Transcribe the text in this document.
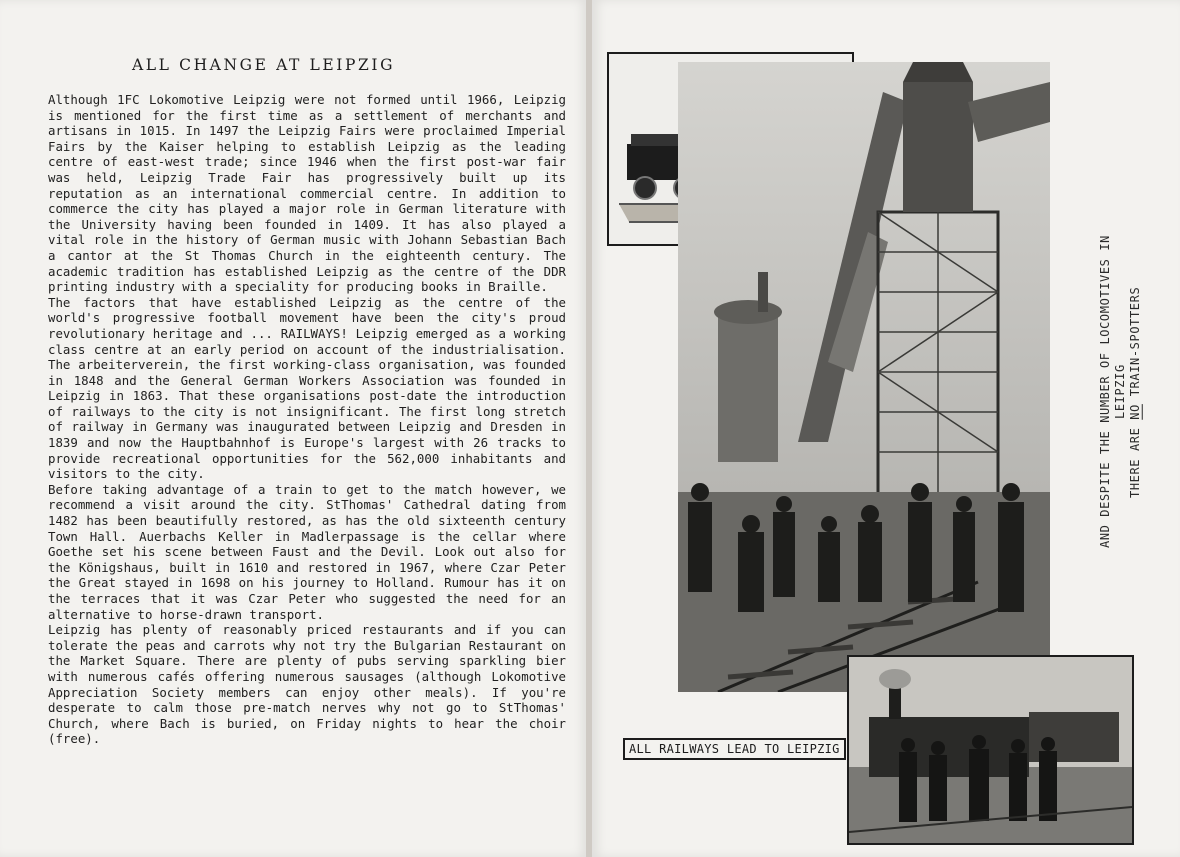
ALL CHANGE AT LEIPZIG

Although 1FC Lokomotive Leipzig were not formed until 1966, Leipzig is mentioned for the first time as a settlement of merchants and artisans in 1015. In 1497 the Leipzig Fairs were proclaimed Imperial Fairs by the Kaiser helping to establish Leipzig as the leading centre of east-west trade; since 1946 when the first post-war fair was held, Leipzig Trade Fair has progressively built up its reputation as an international commercial centre. In addition to commerce the city has played a major role in German literature with the University having been founded in 1409. It has also played a vital role in the history of German music with Johann Sebastian Bach a cantor at the St Thomas Church in the eighteenth century. The academic tradition has established Leipzig as the centre of the DDR printing industry with a speciality for producing books in Braille.

The factors that have established Leipzig as the centre of the world's progressive football movement have been the city's proud revolutionary heritage and ... RAILWAYS! Leipzig emerged as a working class centre at an early period on account of the industrialisation. The arbeiterverein, the first working-class organisation, was founded in 1848 and the General German Workers Association was founded in Leipzig in 1863. That these organisations post-date the introduction of railways to the city is not insignificant. The first long stretch of railway in Germany was inaugurated between Leipzig and Dresden in 1839 and now the Hauptbahnhof is Europe's largest with 26 tracks to provide recreational opportunities for the 562,000 inhabitants and visitors to the city.

Before taking advantage of a train to get to the match however, we recommend a visit around the city. StThomas' Cathedral dating from 1482 has been beautifully restored, as has the old sixteenth century Town Hall. Auerbachs Keller in Madlerpassage is the cellar where Goethe set his scene between Faust and the Devil. Look out also for the Königshaus, built in 1610 and restored in 1967, where Czar Peter the Great stayed in 1698 on his journey to Holland. Rumour has it on the terraces that it was Czar Peter who suggested the need for an alternative to horse-drawn transport.

Leipzig has plenty of reasonably priced restaurants and if you can tolerate the peas and carrots why not try the Bulgarian Restaurant on the Market Square. There are plenty of pubs serving sparkling bier with numerous cafés offering numerous sausages (although Lokomotive Appreciation Society members can enjoy other meals). If you're desperate to calm those pre-match nerves why not go to StThomas' Church, where Bach is buried, on Friday nights to hear the choir (free).

ALL RAILWAYS LEAD TO LEIPZIG
AND DESPITE THE NUMBER OF LOCOMOTIVES IN LEIPZIG
THERE ARE NO TRAIN-SPOTTERS
